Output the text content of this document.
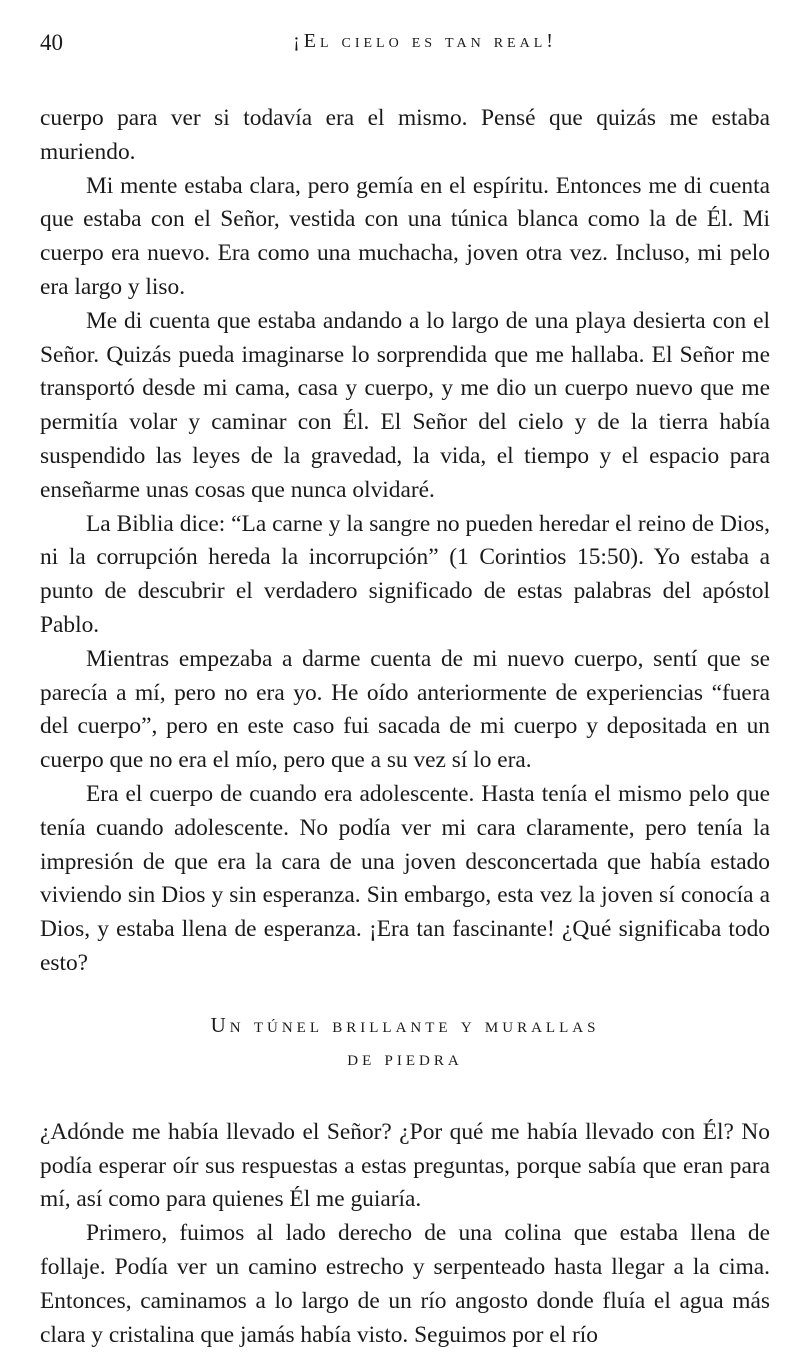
40	¡El cielo es tan real!

cuerpo para ver si todavía era el mismo. Pensé que quizás me estaba muriendo.

Mi mente estaba clara, pero gemía en el espíritu. Entonces me di cuenta que estaba con el Señor, vestida con una túnica blanca como la de Él. Mi cuerpo era nuevo. Era como una muchacha, joven otra vez. Incluso, mi pelo era largo y liso.

Me di cuenta que estaba andando a lo largo de una playa desierta con el Señor. Quizás pueda imaginarse lo sorprendida que me hallaba. El Señor me transportó desde mi cama, casa y cuerpo, y me dio un cuerpo nuevo que me permitía volar y caminar con Él. El Señor del cielo y de la tierra había suspendido las leyes de la gravedad, la vida, el tiempo y el espacio para enseñarme unas cosas que nunca olvidaré.

La Biblia dice: “La carne y la sangre no pueden heredar el reino de Dios, ni la corrupción hereda la incorrupción” (1 Corintios 15:50). Yo estaba a punto de descubrir el verdadero significado de estas palabras del apóstol Pablo.

Mientras empezaba a darme cuenta de mi nuevo cuerpo, sentí que se parecía a mí, pero no era yo. He oído anteriormente de experiencias “fuera del cuerpo”, pero en este caso fui sacada de mi cuerpo y depositada en un cuerpo que no era el mío, pero que a su vez sí lo era.

Era el cuerpo de cuando era adolescente. Hasta tenía el mismo pelo que tenía cuando adolescente. No podía ver mi cara claramente, pero tenía la impresión de que era la cara de una joven desconcertada que había estado viviendo sin Dios y sin esperanza. Sin embargo, esta vez la joven sí conocía a Dios, y estaba llena de esperanza. ¡Era tan fascinante! ¿Qué significaba todo esto?

Un túnel brillante y murallas
de piedra

¿Adónde me había llevado el Señor? ¿Por qué me había llevado con Él? No podía esperar oír sus respuestas a estas preguntas, porque sabía que eran para mí, así como para quienes Él me guiaría.

Primero, fuimos al lado derecho de una colina que estaba llena de follaje. Podía ver un camino estrecho y serpenteado hasta llegar a la cima. Entonces, caminamos a lo largo de un río angosto donde fluía el agua más clara y cristalina que jamás había visto. Seguimos por el río
